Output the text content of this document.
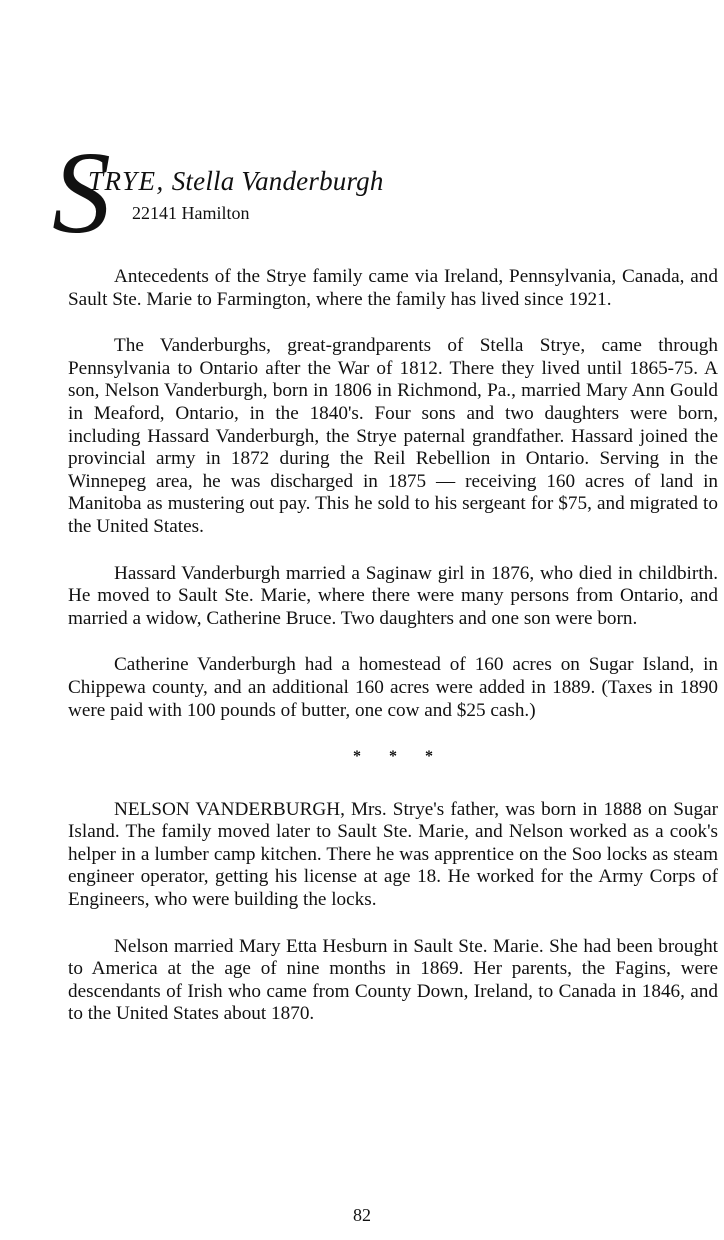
S
TRYE, Stella Vanderburgh
22141 Hamilton

Antecedents of the Strye family came via Ireland, Pennsylvania, Canada, and Sault Ste. Marie to Farmington, where the family has lived since 1921.

The Vanderburghs, great-grandparents of Stella Strye, came through Pennsylvania to Ontario after the War of 1812. There they lived until 1865-75. A son, Nelson Vanderburgh, born in 1806 in Richmond, Pa., married Mary Ann Gould in Meaford, Ontario, in the 1840's. Four sons and two daughters were born, including Hassard Vanderburgh, the Strye paternal grandfather. Hassard joined the provincial army in 1872 during the Reil Rebellion in Ontario. Serving in the Winnepeg area, he was discharged in 1875 — receiving 160 acres of land in Manitoba as mustering out pay. This he sold to his sergeant for $75, and migrated to the United States.

Hassard Vanderburgh married a Saginaw girl in 1876, who died in childbirth. He moved to Sault Ste. Marie, where there were many persons from Ontario, and married a widow, Catherine Bruce. Two daughters and one son were born.

Catherine Vanderburgh had a homestead of 160 acres on Sugar Island, in Chippewa county, and an additional 160 acres were added in 1889. (Taxes in 1890 were paid with 100 pounds of butter, one cow and $25 cash.)

* * *

NELSON VANDERBURGH, Mrs. Strye's father, was born in 1888 on Sugar Island. The family moved later to Sault Ste. Marie, and Nelson worked as a cook's helper in a lumber camp kitchen. There he was apprentice on the Soo locks as steam engineer operator, getting his license at age 18. He worked for the Army Corps of Engineers, who were building the locks.

Nelson married Mary Etta Hesburn in Sault Ste. Marie. She had been brought to America at the age of nine months in 1869. Her parents, the Fagins, were descendants of Irish who came from County Down, Ireland, to Canada in 1846, and to the United States about 1870.

82
